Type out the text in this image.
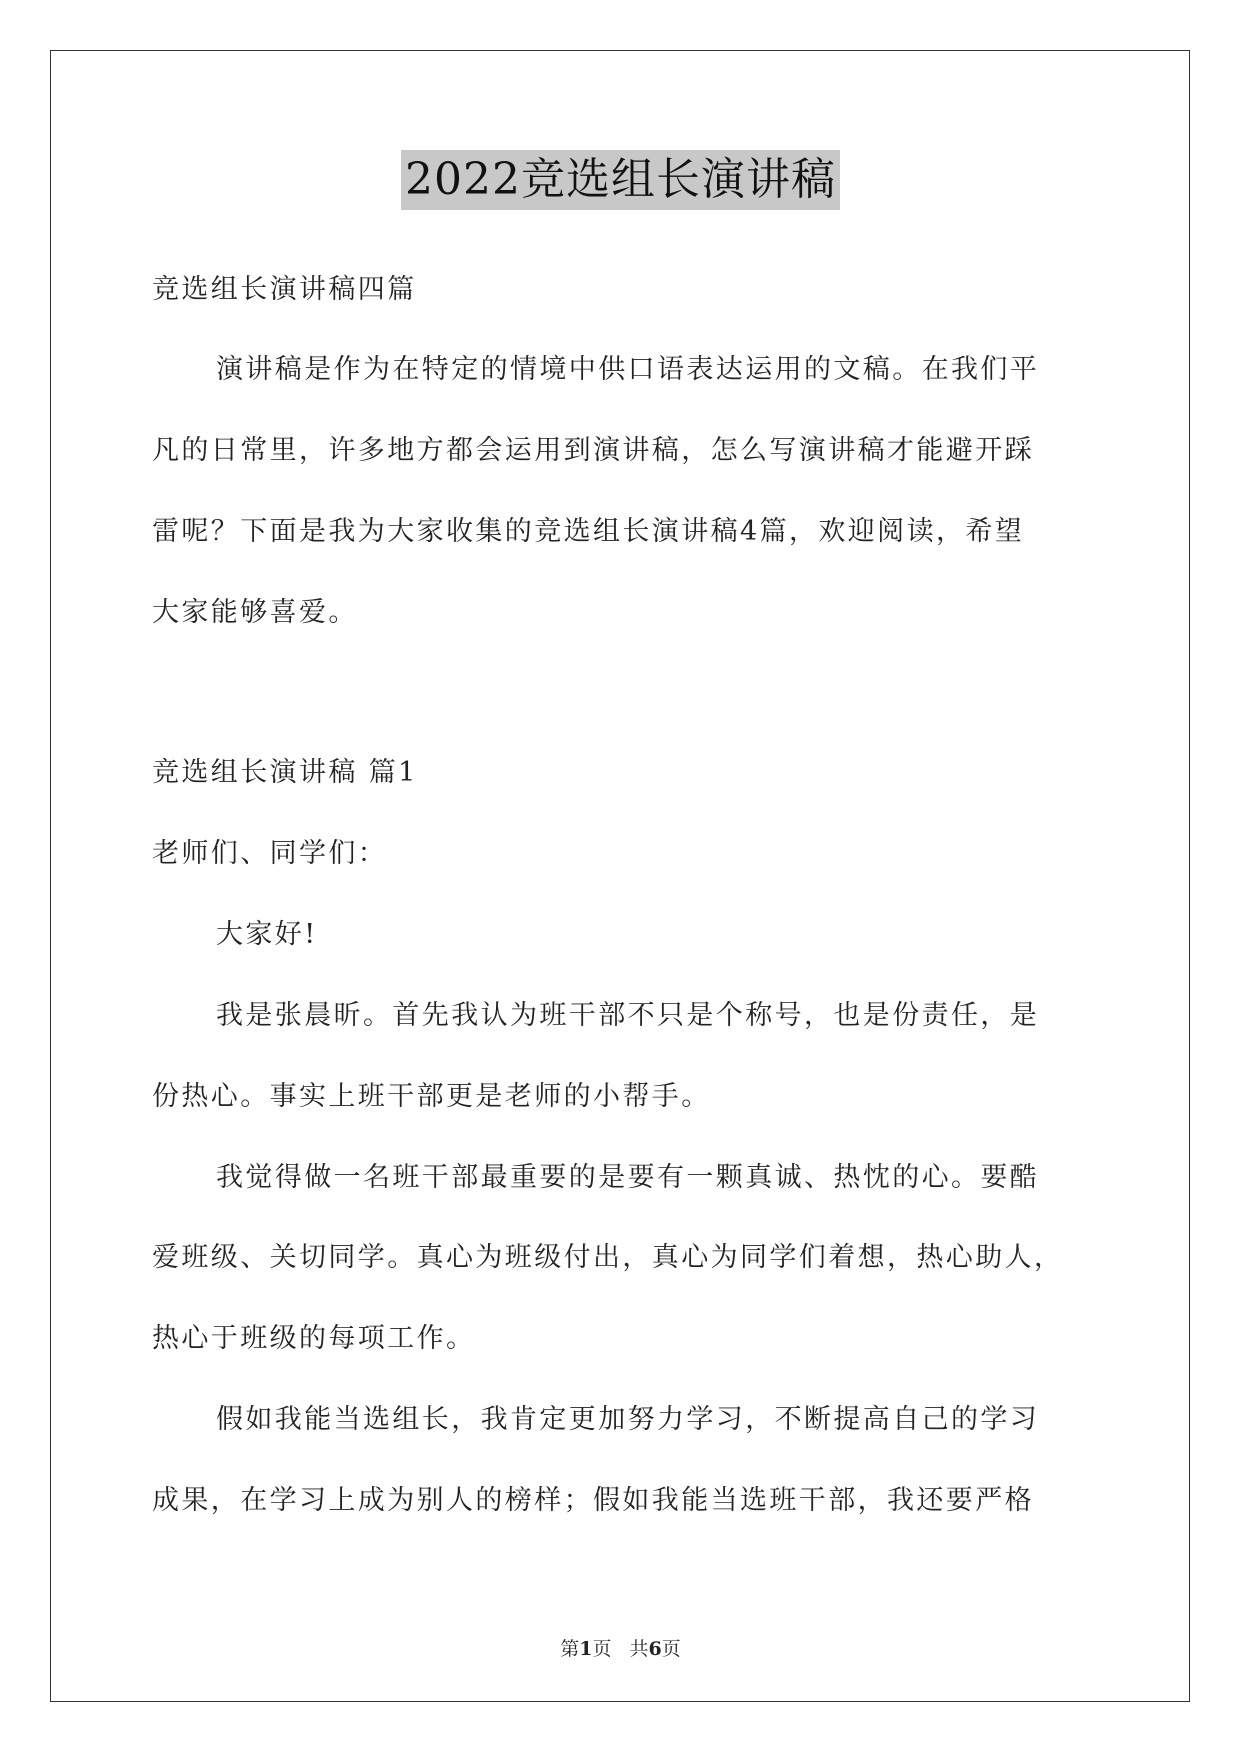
2022竞选组长演讲稿
竞选组长演讲稿四篇
演讲稿是作为在特定的情境中供口语表达运用的文稿。在我们平
凡的日常里，许多地方都会运用到演讲稿，怎么写演讲稿才能避开踩
雷呢？下面是我为大家收集的竞选组长演讲稿4篇，欢迎阅读，希望
大家能够喜爱。
竞选组长演讲稿 篇1
老师们、同学们：
大家好!
我是张晨昕。首先我认为班干部不只是个称号，也是份责任，是
份热心。事实上班干部更是老师的小帮手。
我觉得做一名班干部最重要的是要有一颗真诚、热忱的心。要酷
爱班级、关切同学。真心为班级付出，真心为同学们着想，热心助人，
热心于班级的每项工作。
假如我能当选组长，我肯定更加努力学习，不断提高自己的学习
成果，在学习上成为别人的榜样；假如我能当选班干部，我还要严格
第1页 共6页
